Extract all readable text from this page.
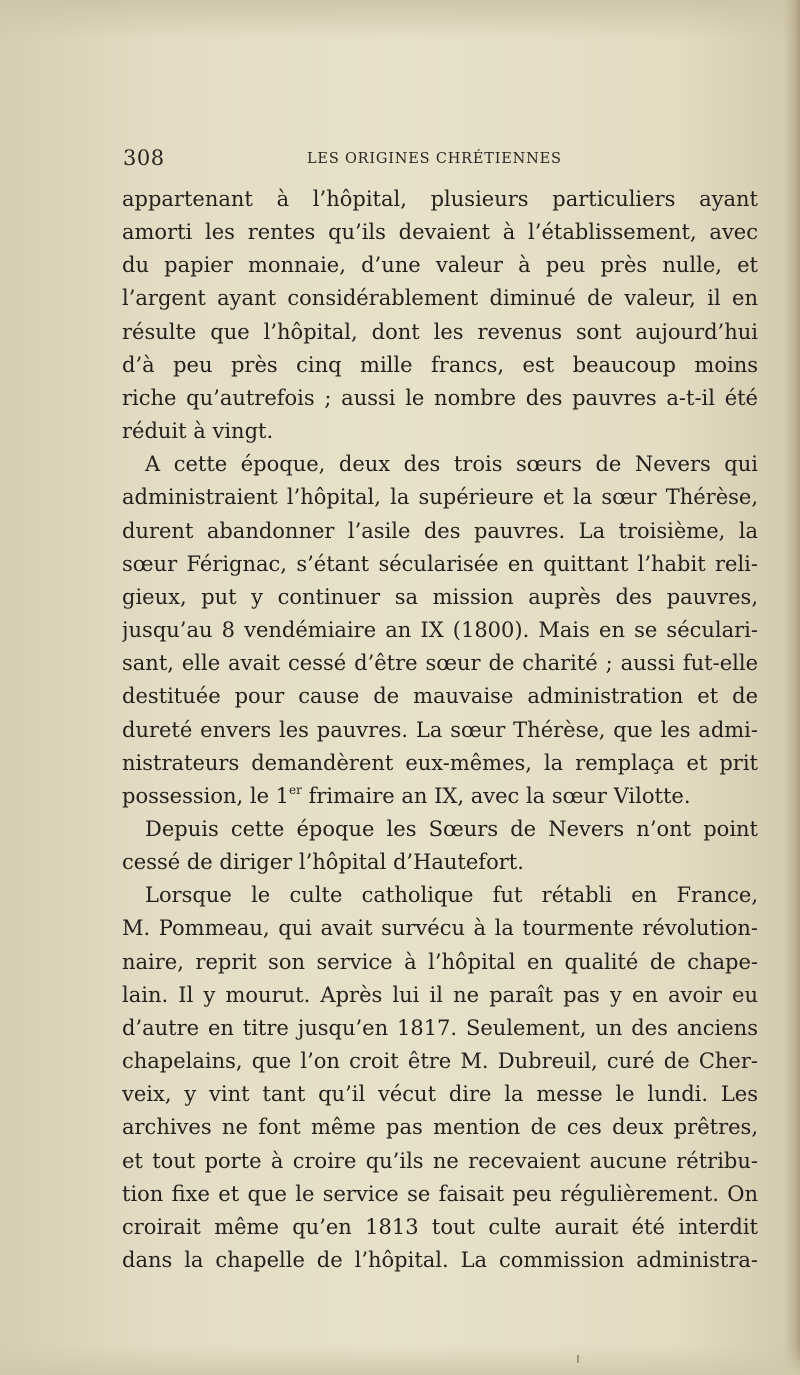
308	LES ORIGINES CHRÉTIENNES
appartenant à l’hôpital, plusieurs particuliers ayant
amorti les rentes qu’ils devaient à l’établissement, avec
du papier monnaie, d’une valeur à peu près nulle, et
l’argent ayant considérablement diminué de valeur, il en
résulte que l’hôpital, dont les revenus sont aujourd’hui
d’à peu près cinq mille francs, est beaucoup moins
riche qu’autrefois ; aussi le nombre des pauvres a-t-il été
réduit à vingt.
A cette époque, deux des trois sœurs de Nevers qui
administraient l’hôpital, la supérieure et la sœur Thérèse,
durent abandonner l’asile des pauvres. La troisième, la
sœur Férignac, s’étant sécularisée en quittant l’habit reli-
gieux, put y continuer sa mission auprès des pauvres,
jusqu’au 8 vendémiaire an IX (1800). Mais en se séculari-
sant, elle avait cessé d’être sœur de charité ; aussi fut-elle
destituée pour cause de mauvaise administration et de
dureté envers les pauvres. La sœur Thérèse, que les admi-
nistrateurs demandèrent eux-mêmes, la remplaça et prit
possession, le 1er frimaire an IX, avec la sœur Vilotte.
Depuis cette époque les Sœurs de Nevers n’ont point
cessé de diriger l’hôpital d’Hautefort.
Lorsque le culte catholique fut rétabli en France,
M. Pommeau, qui avait survécu à la tourmente révolution-
naire, reprit son service à l’hôpital en qualité de chape-
lain. Il y mourut. Après lui il ne paraît pas y en avoir eu
d’autre en titre jusqu’en 1817. Seulement, un des anciens
chapelains, que l’on croit être M. Dubreuil, curé de Cher-
veix, y vint tant qu’il vécut dire la messe le lundi. Les
archives ne font même pas mention de ces deux prêtres,
et tout porte à croire qu’ils ne recevaient aucune rétribu-
tion fixe et que le service se faisait peu régulièrement. On
croirait même qu’en 1813 tout culte aurait été interdit
dans la chapelle de l’hôpital. La commission administra-
